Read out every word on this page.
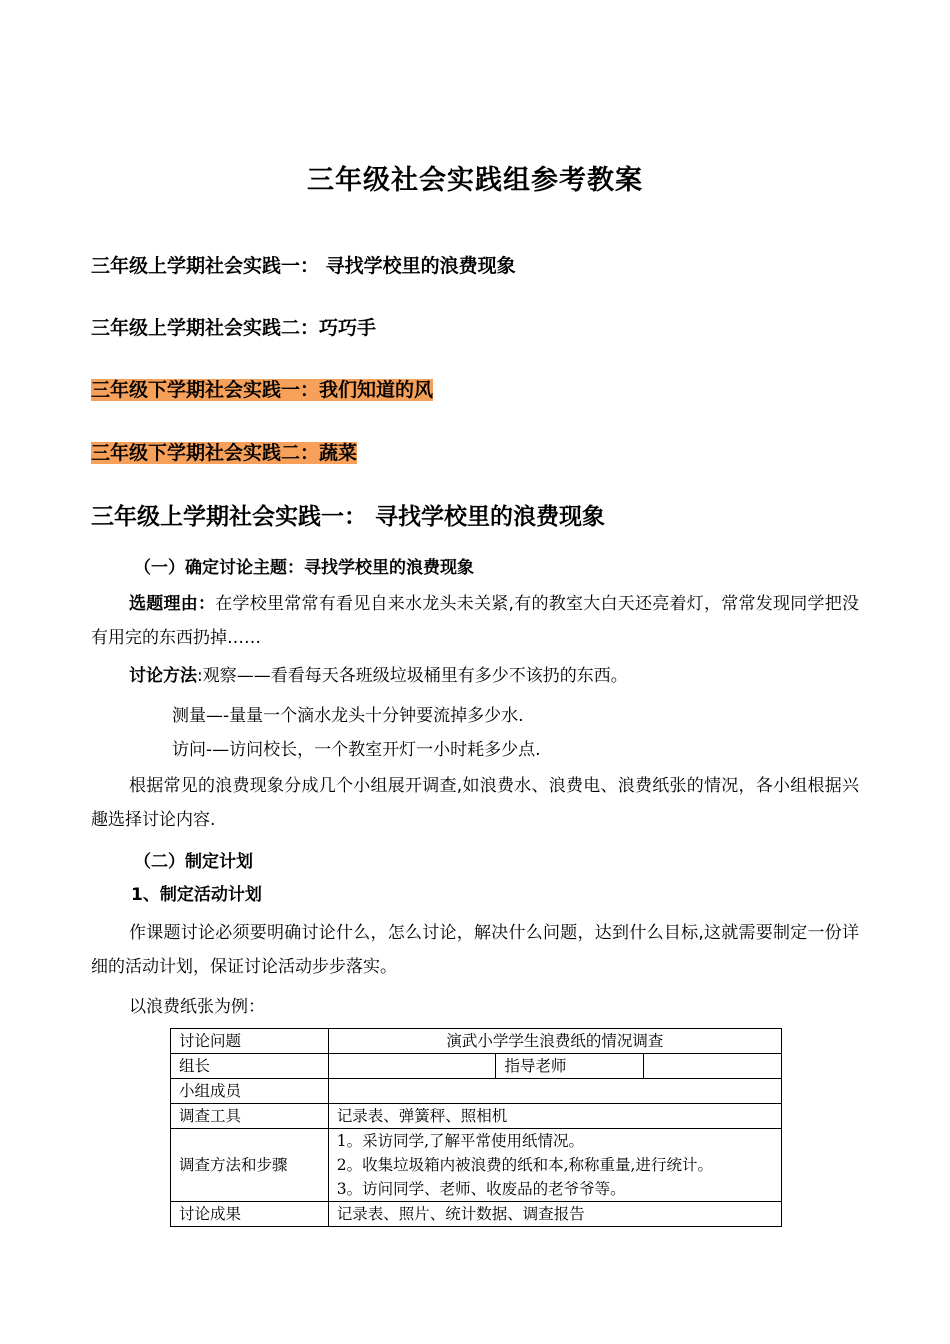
三年级社会实践组参考教案
三年级上学期社会实践一： 寻找学校里的浪费现象
三年级上学期社会实践二：巧巧手
三年级下学期社会实践一：我们知道的风
三年级下学期社会实践二：蔬菜
三年级上学期社会实践一： 寻找学校里的浪费现象
（一）确定讨论主题：寻找学校里的浪费现象
选题理由：在学校里常常有看见自来水龙头未关紧,有的教室大白天还亮着灯，常常发现同学把没有用完的东西扔掉……
讨论方法:观察——看看每天各班级垃圾桶里有多少不该扔的东西。
测量—-量量一个滴水龙头十分钟要流掉多少水.
访问-—访问校长，一个教室开灯一小时耗多少点.
根据常见的浪费现象分成几个小组展开调查,如浪费水、浪费电、浪费纸张的情况，各小组根据兴趣选择讨论内容.
（二）制定计划
1、制定活动计划
作课题讨论必须要明确讨论什么，怎么讨论，解决什么问题，达到什么目标,这就需要制定一份详细的活动计划，保证讨论活动步步落实。
以浪费纸张为例：
讨论问题	演武小学学生浪费纸的情况调查		
组长		指导老师	
小组成员			
调查工具	记录表、弹簧秤、照相机		
调查方法和步骤	1。采访同学,了解平常使用纸情况。
2。收集垃圾箱内被浪费的纸和本,称称重量,进行统计。
3。访问同学、老师、收废品的老爷爷等。		

讨论成果	记录表、照片、统计数据、调查报告		
